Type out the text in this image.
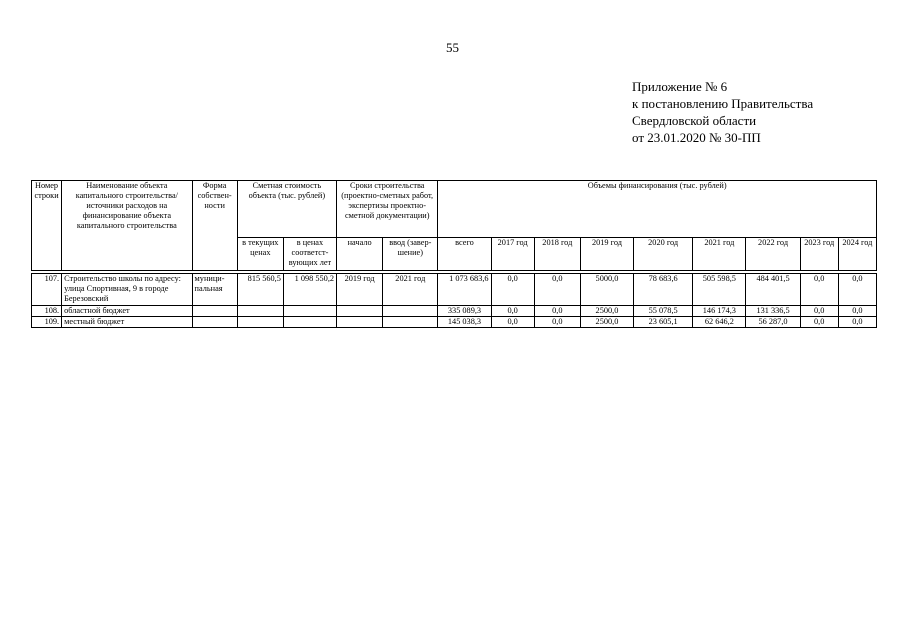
55
Приложение № 6
к постановлению Правительства
Свердловской области
от 23.01.2020 № 30-ПП
Номер строки	Наименование объекта капитального строительства/ источники расходов на финансирование объекта капитального строительства	Форма собствен-ности	Сметная стоимость объекта (тыс. рублей)		Сроки строительства (проектно-сметных работ, экспертизы проектно-сметной документации)		Объемы финансирования (тыс. рублей)								
			в текущих ценах	в ценах соответст-вующих лет	начало	ввод (завер-шение)	всего	2017 год	2018 год	2019 год	2020 год	2021 год	2022 год	2023 год	2024 год

107.	Строительство школы по адресу: улица Спортивная, 9 в городе Березовский	муници-пальная	815 560,5	1 098 550,2	2019 год	2021 год	1 073 683,6	0,0	0,0	5000,0	78 683,6	505 598,5	484 401,5	0,0	0,0
108.	областной бюджет						335 089,3	0,0	0,0	2500,0	55 078,5	146 174,3	131 336,5	0,0	0,0
109.	местный бюджет						145 038,3	0,0	0,0	2500,0	23 605,1	62 646,2	56 287,0	0,0	0,0
